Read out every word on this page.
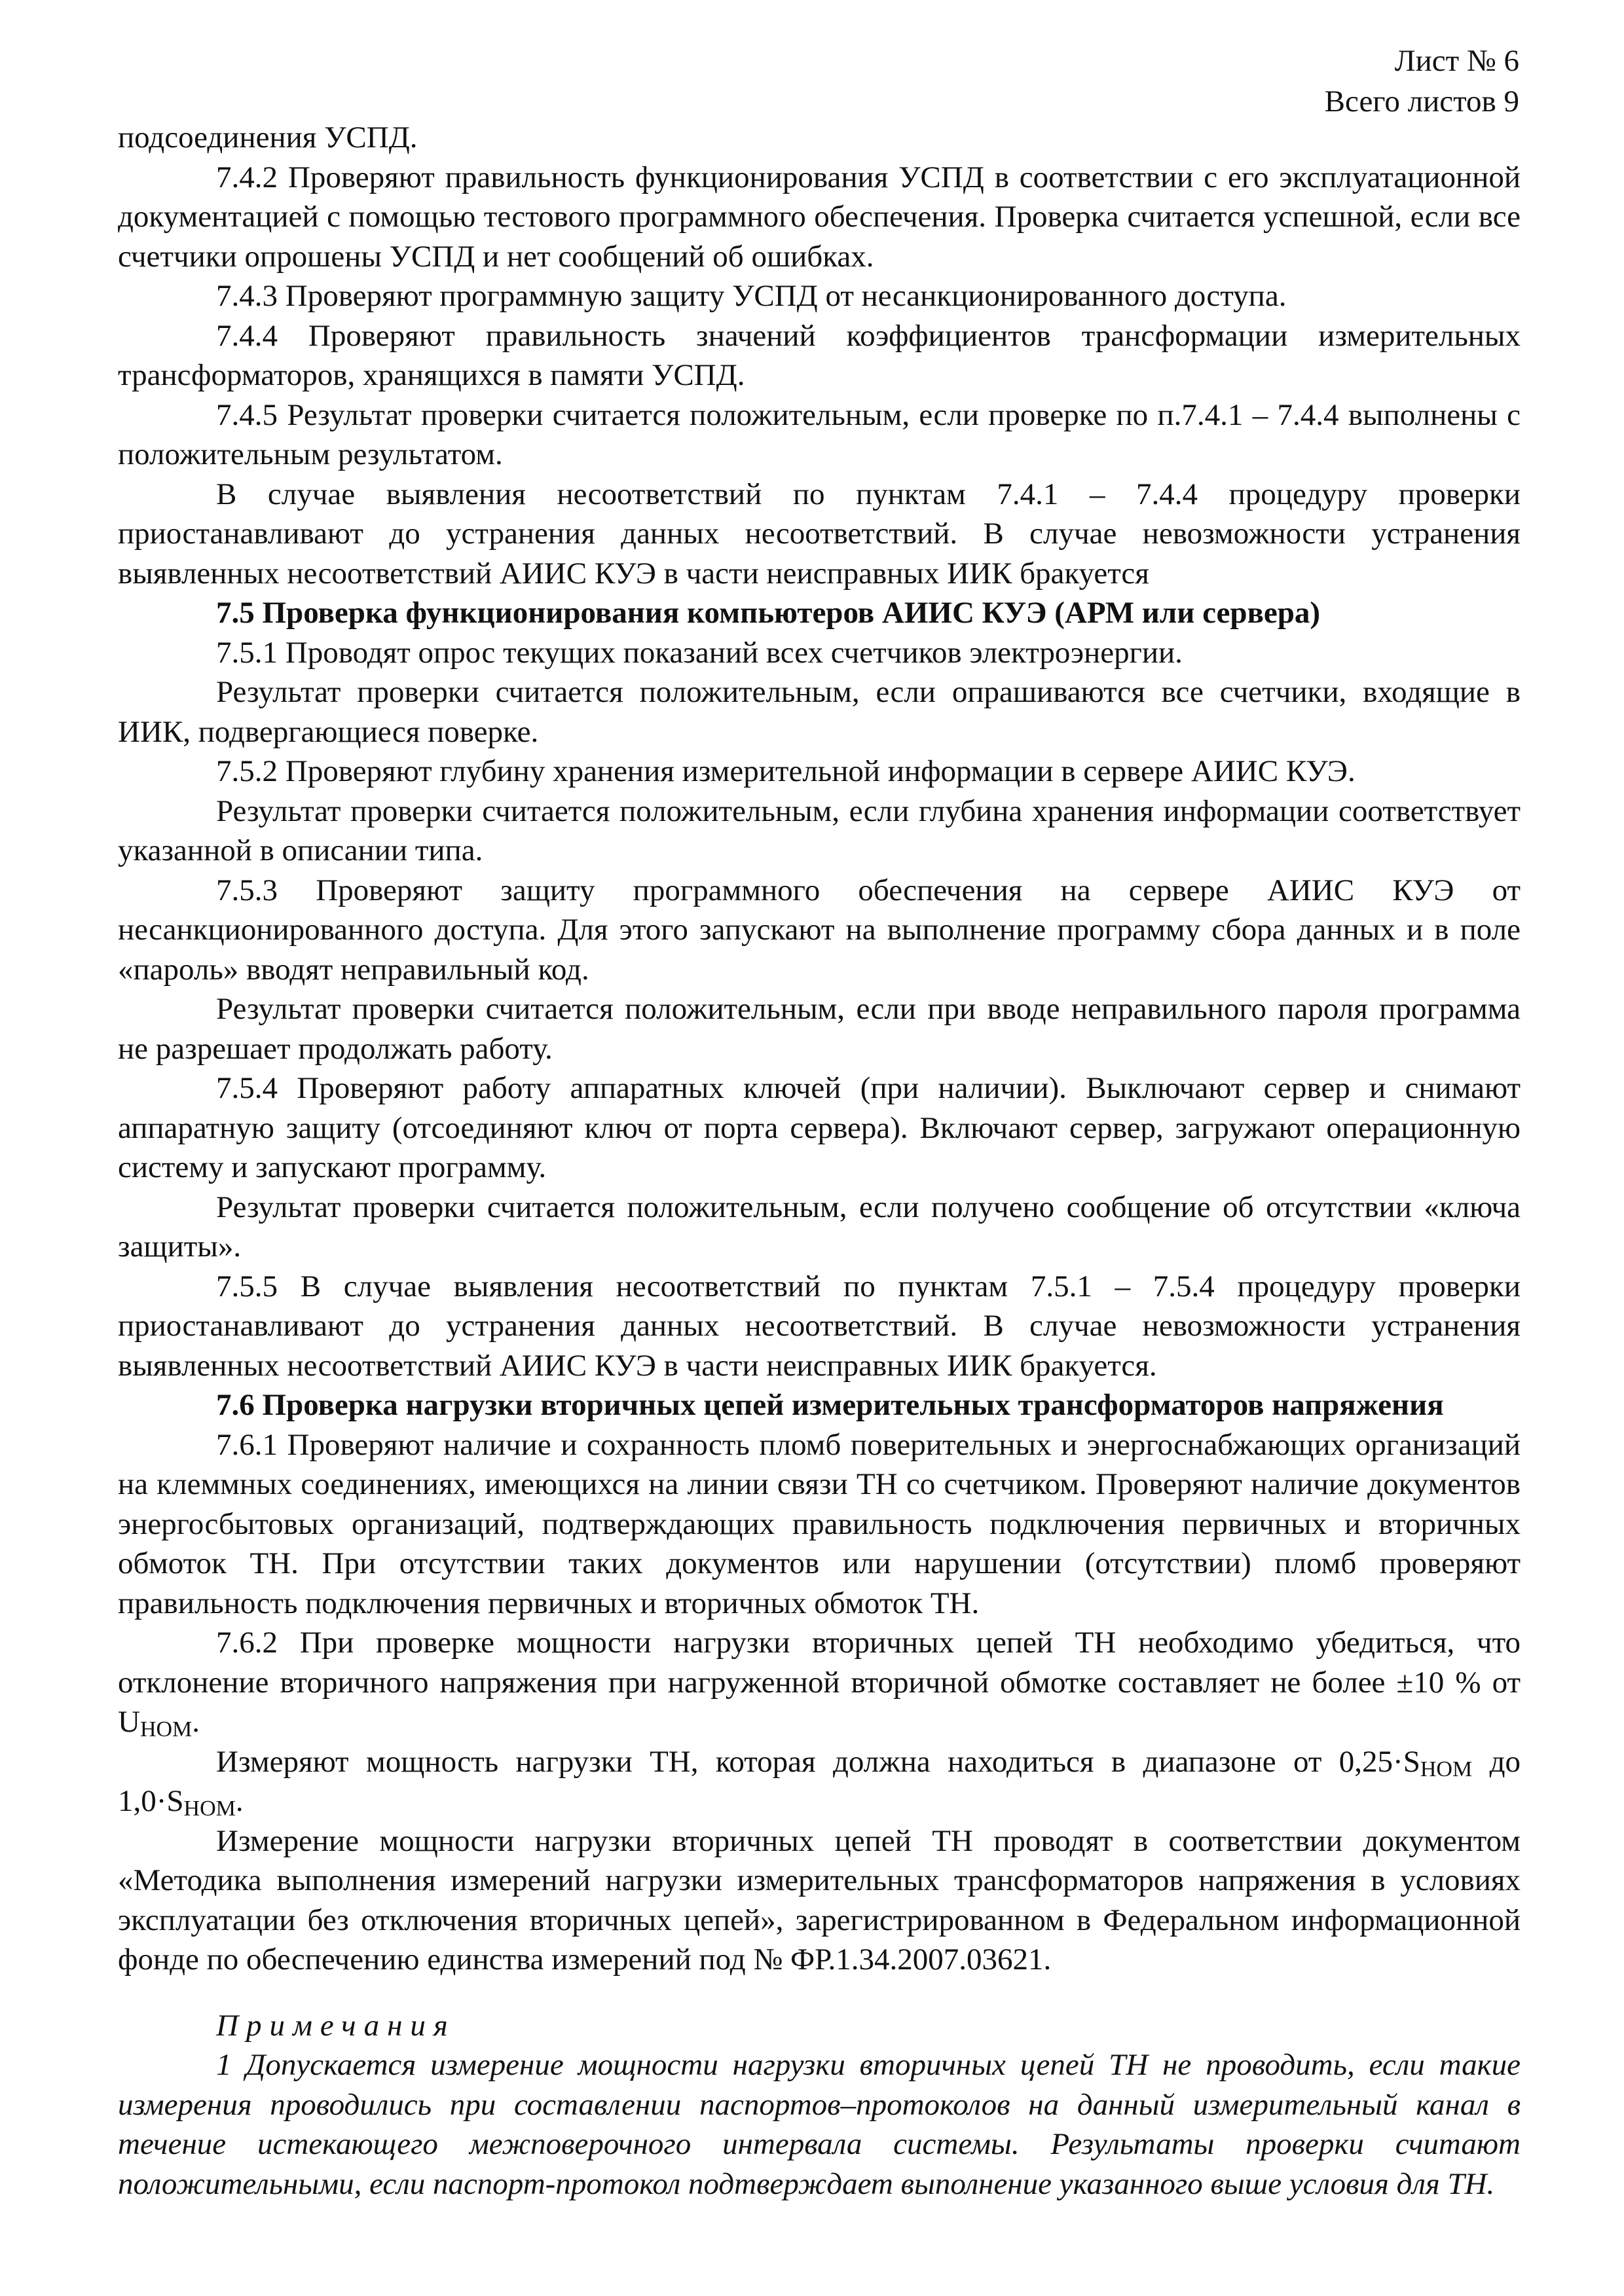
Лист № 6
Всего листов 9

подсоединения УСПД.

7.4.2 Проверяют правильность функционирования УСПД в соответствии с его эксплуатационной документацией с помощью тестового программного обеспечения. Проверка считается успешной, если все счетчики опрошены УСПД и нет сообщений об ошибках.

7.4.3 Проверяют программную защиту УСПД от несанкционированного доступа.

7.4.4 Проверяют правильность значений коэффициентов трансформации измерительных трансформаторов, хранящихся в памяти УСПД.

7.4.5 Результат проверки считается положительным, если проверке по п.7.4.1 – 7.4.4 выполнены с положительным результатом.

В случае выявления несоответствий по пунктам 7.4.1 – 7.4.4 процедуру проверки приостанавливают до устранения данных несоответствий. В случае невозможности устранения выявленных несоответствий АИИС КУЭ в части неисправных ИИК бракуется

7.5 Проверка функционирования компьютеров АИИС КУЭ (АРМ или сервера)

7.5.1 Проводят опрос текущих показаний всех счетчиков электроэнергии.

Результат проверки считается положительным, если опрашиваются все счетчики, входящие в ИИК, подвергающиеся поверке.

7.5.2 Проверяют глубину хранения измерительной информации в сервере АИИС КУЭ.

Результат проверки считается положительным, если глубина хранения информации соответствует указанной в описании типа.

7.5.3 Проверяют защиту программного обеспечения на сервере АИИС КУЭ от несанкционированного доступа. Для этого запускают на выполнение программу сбора данных и в поле «пароль» вводят неправильный код.

Результат проверки считается положительным, если при вводе неправильного пароля программа не разрешает продолжать работу.

7.5.4 Проверяют работу аппаратных ключей (при наличии). Выключают сервер и снимают аппаратную защиту (отсоединяют ключ от порта сервера). Включают сервер, загружают операционную систему и запускают программу.

Результат проверки считается положительным, если получено сообщение об отсутствии «ключа защиты».

7.5.5 В случае выявления несоответствий по пунктам 7.5.1 – 7.5.4 процедуру проверки приостанавливают до устранения данных несоответствий. В случае невозможности устранения выявленных несоответствий АИИС КУЭ в части неисправных ИИК бракуется.

7.6 Проверка нагрузки вторичных цепей измерительных трансформаторов напряжения

7.6.1 Проверяют наличие и сохранность пломб поверительных и энергоснабжающих организаций на клеммных соединениях, имеющихся на линии связи ТН со счетчиком. Проверяют наличие документов энергосбытовых организаций, подтверждающих правильность подключения первичных и вторичных обмоток ТН. При отсутствии таких документов или нарушении (отсутствии) пломб проверяют правильность подключения первичных и вторичных обмоток ТН.

7.6.2 При проверке мощности нагрузки вторичных цепей ТН необходимо убедиться, что отклонение вторичного напряжения при нагруженной вторичной обмотке составляет не более ±10 % от $U_{НОМ}$.

Измеряют мощность нагрузки ТН, которая должна находиться в диапазоне от $0,25\cdot S_{НОМ}$ до $1,0\cdot S_{НОМ}$.

Измерение мощности нагрузки вторичных цепей ТН проводят в соответствии документом «Методика выполнения измерений нагрузки измерительных трансформаторов напряжения в условиях эксплуатации без отключения вторичных цепей», зарегистрированном в Федеральном информационной фонде по обеспечению единства измерений под № ФР.1.34.2007.03621.

Примечания

1 Допускается измерение мощности нагрузки вторичных цепей ТН не проводить, если такие измерения проводились при составлении паспортов–протоколов на данный измерительный канал в течение истекающего межповерочного интервала системы. Результаты проверки считают положительными, если паспорт-протокол подтверждает выполнение указанного выше условия для ТН.
